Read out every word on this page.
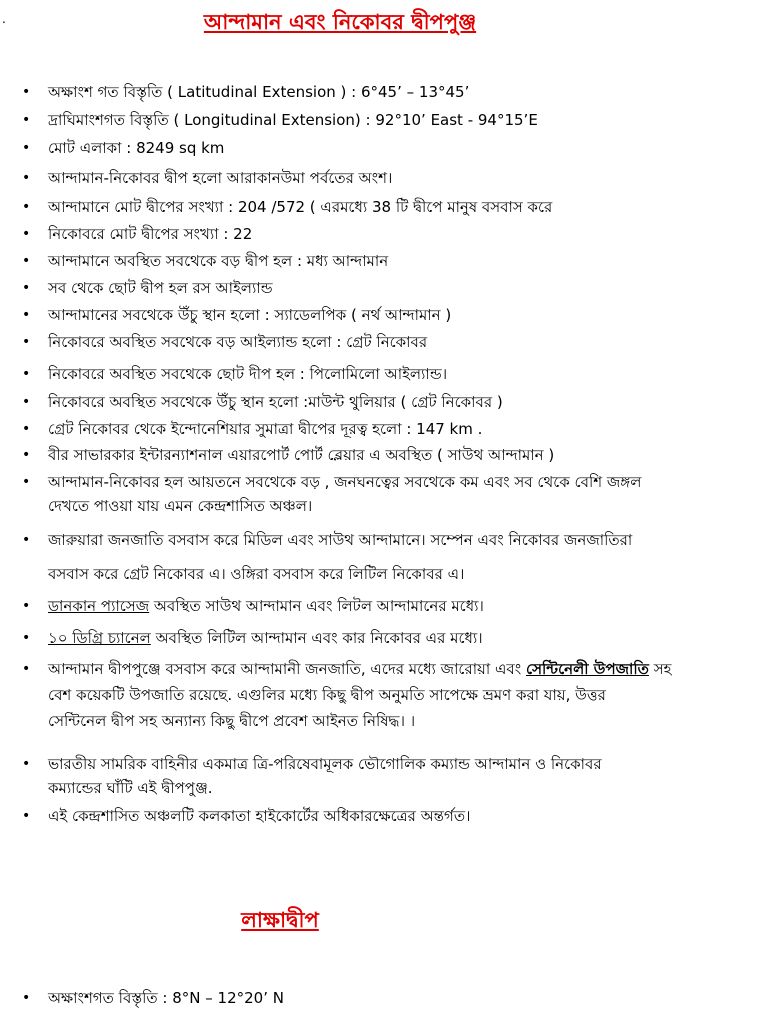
.	আন্দামান এবং নিকোবর দ্বীপপুঞ্জ
•	অক্ষাংশ গত বিস্তৃতি ( Latitudinal Extension ) : 6°45’ – 13°45’
•	দ্রাঘিমাংশগত বিস্তৃতি ( Longitudinal Extension) : 92°10’ East - 94°15’E
•	মোট এলাকা : 8249 sq km
•	আন্দামান-নিকোবর দ্বীপ হলো আরাকানউমা পর্বতের অংশ।
•	আন্দামানে মোট দ্বীপের সংখ্যা : 204 /572 ( এরমধ্যে 38 টি দ্বীপে মানুষ বসবাস করে
•	নিকোবরে মোট দ্বীপের সংখ্যা : 22
•	আন্দামানে অবস্থিত সবথেকে বড় দ্বীপ হল : মধ্য আন্দামান
•	সব থেকে ছোট দ্বীপ হল রস আইল্যান্ড
•	আন্দামানের সবথেকে উঁচু স্থান হলো : স্যাডেলপিক ( নর্থ আন্দামান )
•	নিকোবরে অবস্থিত সবথেকে বড় আইল্যান্ড হলো : গ্রেট নিকোবর
•	নিকোবরে অবস্থিত সবথেকে ছোট দীপ হল : পিলোমিলো আইল্যান্ড।
•	নিকোবরে অবস্থিত সবথেকে উঁচু স্থান হলো :মাউন্ট থুলিয়ার ( গ্রেট নিকোবর )
•	গ্রেট নিকোবর থেকে ইন্দোনেশিয়ার সুমাত্রা দ্বীপের দূরত্ব হলো : 147 km .
•	বীর সাভারকার ইন্টারন্যাশনাল এয়ারপোর্ট পোর্ট ব্লেয়ার এ অবস্থিত ( সাউথ আন্দামান )
•	আন্দামান-নিকোবর হল আয়তনে সবথেকে বড় , জনঘনত্বের সবথেকে কম এবং সব থেকে বেশি জঙ্গল
দেখতে পাওয়া যায় এমন কেন্দ্রশাসিত অঞ্চল।
•	জারুয়ারা জনজাতি বসবাস করে মিডিল এবং সাউথ আন্দামানে। সম্পেন এবং নিকোবর জনজাতিরা
বসবাস করে গ্রেট নিকোবর এ। ওঙ্গিরা বসবাস করে লিটিল নিকোবর এ।
•	ডানকান প্যাসেজ অবস্থিত সাউথ আন্দামান এবং লিটল আন্দামানের মধ্যে।
•	১০ ডিগ্রি চ্যানেল অবস্থিত লিটিল আন্দামান এবং কার নিকোবর এর মধ্যে।
•	আন্দামান দ্বীপপুঞ্জে বসবাস করে আন্দামানী জনজাতি, এদের মধ্যে জারোয়া এবং সেন্টিনেলী উপজাতি সহ
বেশ কয়েকটি উপজাতি রয়েছে. এগুলির মধ্যে কিছু দ্বীপ অনুমতি সাপেক্ষে ভ্রমণ করা যায়, উত্তর
সেন্টিনেল দ্বীপ সহ অন্যান্য কিছু দ্বীপে প্রবেশ আইনত নিষিদ্ধ। ।
•	ভারতীয় সামরিক বাহিনীর একমাত্র ত্রি-পরিষেবামূলক ভৌগোলিক কম্যান্ড আন্দামান ও নিকোবর
কম্যান্ডের ঘাঁটি এই দ্বীপপুঞ্জ.
•	এই কেন্দ্রশাসিত অঞ্চলটি কলকাতা হাইকোর্টের অধিকারক্ষেত্রের অন্তর্গত।
লাক্ষাদ্বীপ
•	অক্ষাংশগত বিস্তৃতি : 8°N – 12°20’ N
